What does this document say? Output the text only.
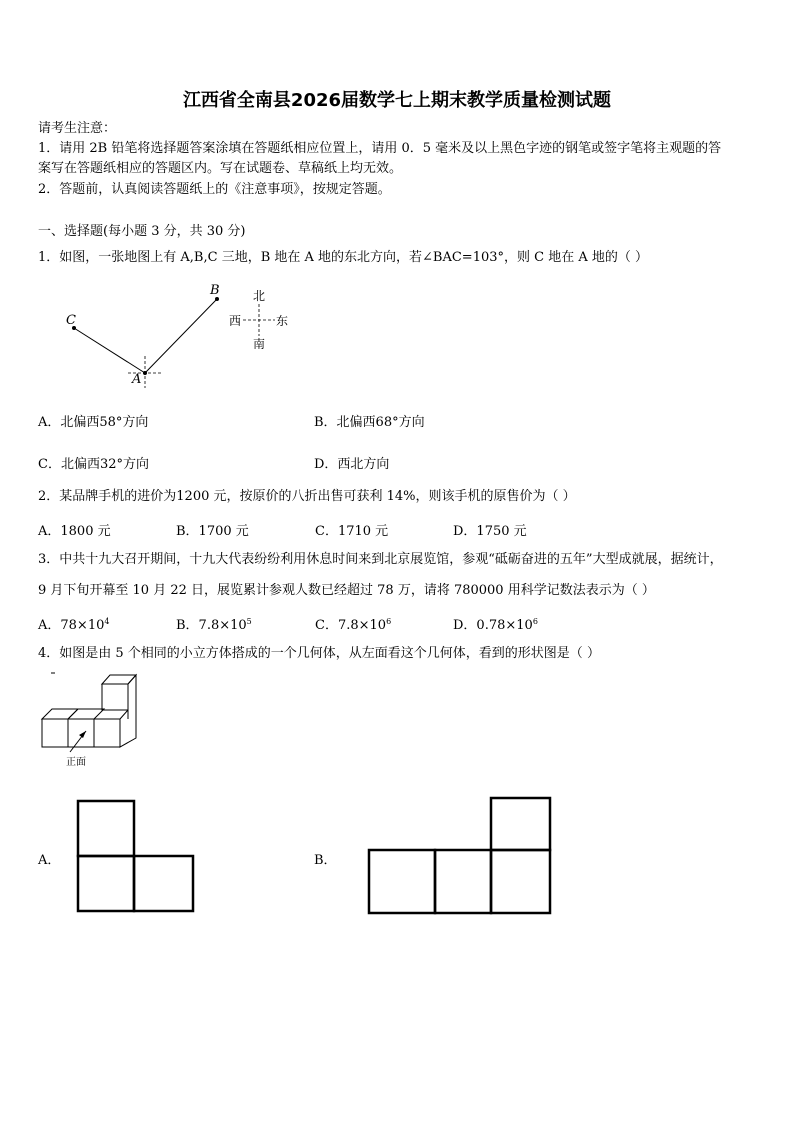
江西省全南县2026届数学七上期末教学质量检测试题
请考生注意：
1．请用 2B 铅笔将选择题答案涂填在答题纸相应位置上，请用 0．5 毫米及以上黑色字迹的钢笔或签字笔将主观题的答
案写在答题纸相应的答题区内。写在试题卷、草稿纸上均无效。
2．答题前，认真阅读答题纸上的《注意事项》，按规定答题。
一、选择题(每小题 3 分，共 30 分)
1．如图，一张地图上有 A,B,C 三地，B 地在 A 地的东北方向，若∠BAC=103°，则 C 地在 A 地的（ ）
C
B
A
北
南
西	东
A．北偏西58°方向	B．北偏西68°方向
C．北偏西32°方向	D．西北方向
2．某品牌手机的进价为1200 元，按原价的八折出售可获利 14%，则该手机的原售价为（ ）
A．1800 元	B．1700 元	C．1710 元	D．1750 元
3．中共十九大召开期间，十九大代表纷纷利用休息时间来到北京展览馆，参观“砥砺奋进的五年”大型成就展，据统计，
9 月下旬开幕至 10 月 22 日，展览累计参观人数已经超过 78 万，请将 780000 用科学记数法表示为（ ）
A．$78\times 10^4$	B．$7.8\times 10^5$	C．$7.8\times 10^6$	D．$0.78\times 10^6$
4．如图是由 5 个相同的小立方体搭成的一个几何体，从左面看这个几何体，看到的形状图是（ ）
正面
A．	B．
